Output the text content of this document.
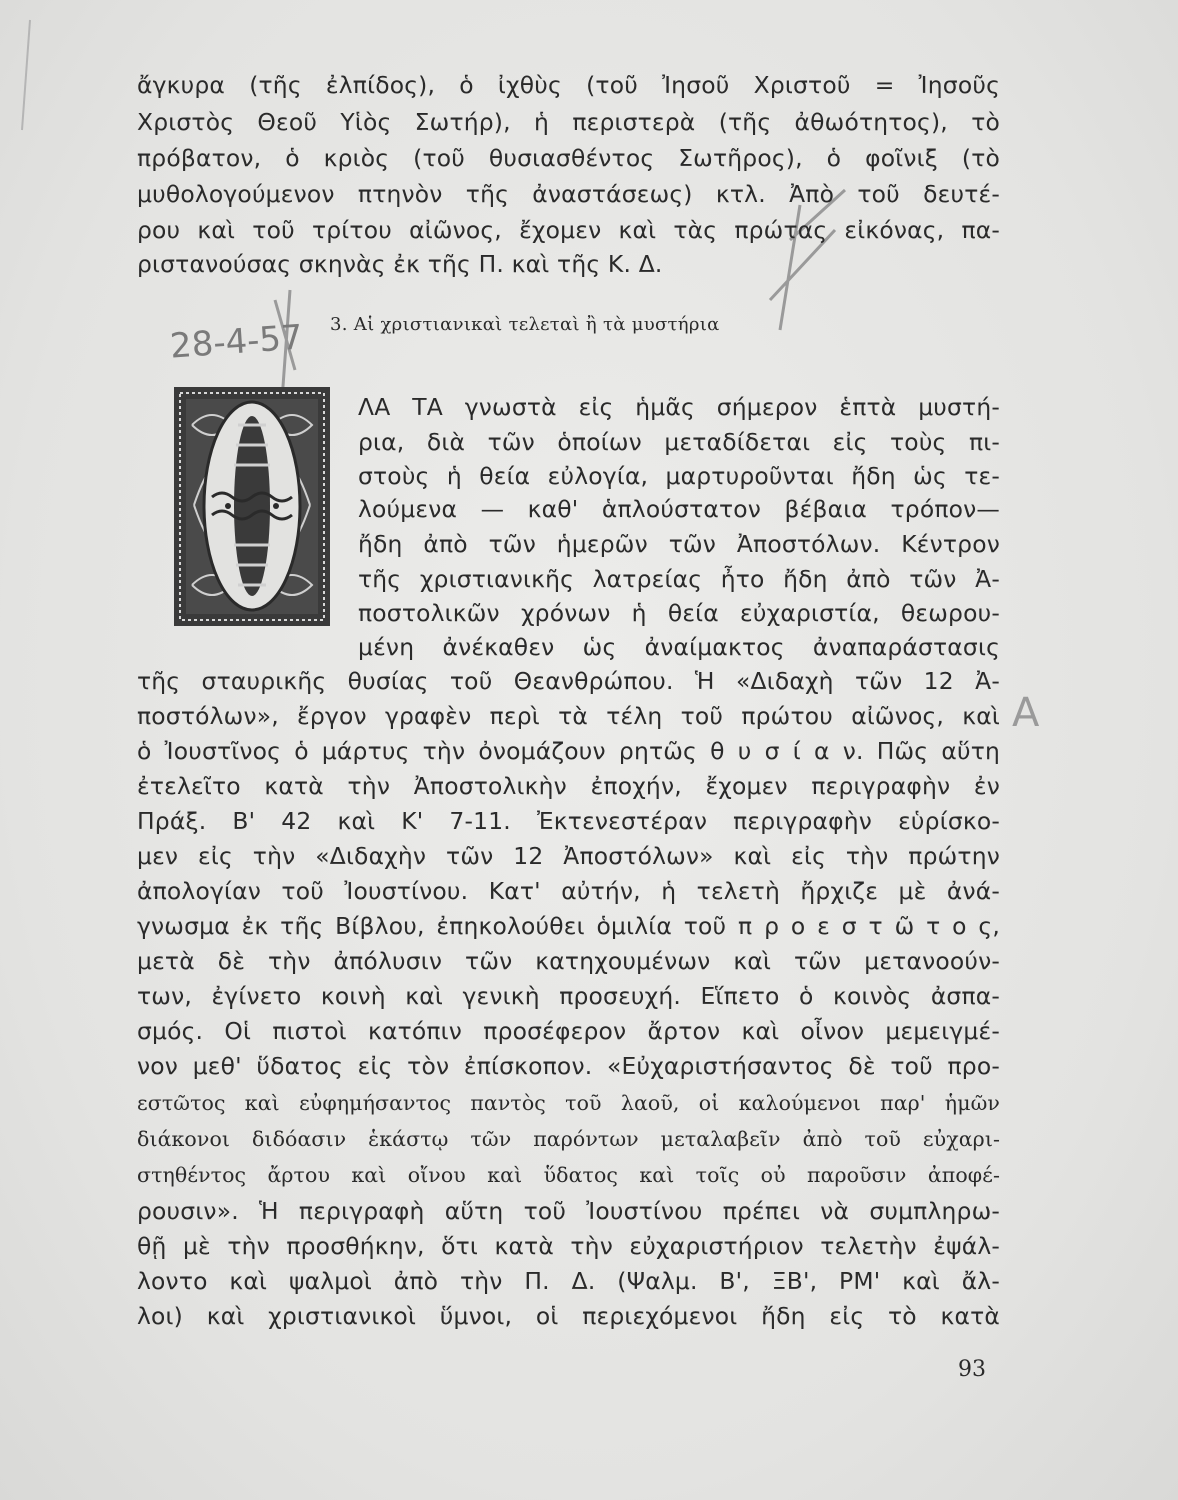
ἄγκυρα (τῆς ἐλπίδος), ὁ ἰχθὺς (τοῦ Ἰησοῦ Χριστοῦ = Ἰησοῦς
Χριστὸς Θεοῦ Υἱὸς Σωτήρ), ἡ περιστερὰ (τῆς ἀθωότητος), τὸ
πρόβατον, ὁ κριὸς (τοῦ θυσιασθέντος Σωτῆρος), ὁ φοῖνιξ (τὸ
μυθολογούμενον πτηνὸν τῆς ἀναστάσεως) κτλ. Ἀπὸ τοῦ δευτέ-
ρου καὶ τοῦ τρίτου αἰῶνος, ἔχομεν καὶ τὰς πρώτας εἰκόνας, πα-
ριστανούσας σκηνὰς ἐκ τῆς Π. καὶ τῆς Κ. Δ.
28-4-57 3. Αἱ χριστιανικαὶ τελεταὶ ἢ τὰ μυστήρια
ΛΑ ΤΑ γνωστὰ εἰς ἡμᾶς σήμερον ἑπτὰ μυστή-
ρια, διὰ τῶν ὁποίων μεταδίδεται εἰς τοὺς πι-
στοὺς ἡ θεία εὐλογία, μαρτυροῦνται ἤδη ὡς τε-
λούμενα — καθ' ἁπλούστατον βέβαια τρόπον—
ἤδη ἀπὸ τῶν ἡμερῶν τῶν Ἀποστόλων. Κέντρον
τῆς χριστιανικῆς λατρείας ἦτο ἤδη ἀπὸ τῶν Ἀ-
ποστολικῶν χρόνων ἡ θεία εὐχαριστία, θεωρου-
μένη ἀνέκαθεν ὡς ἀναίμακτος ἀναπαράστασις
τῆς σταυρικῆς θυσίας τοῦ Θεανθρώπου. Ἡ «Διδαχὴ τῶν 12 Ἀ-
ποστόλων», ἔργον γραφὲν περὶ τὰ τέλη τοῦ πρώτου αἰῶνος, καὶ
ὁ Ἰουστῖνος ὁ μάρτυς τὴν ὀνομάζουν ρητῶς θ υ σ ί α ν. Πῶς αὕτη
ἐτελεῖτο κατὰ τὴν Ἀποστολικὴν ἐποχήν, ἔχομεν περιγραφὴν ἐν
Πράξ. Β' 42 καὶ Κ' 7-11. Ἐκτενεστέραν περιγραφὴν εὑρίσκο-
μεν εἰς τὴν «Διδαχὴν τῶν 12 Ἀποστόλων» καὶ εἰς τὴν πρώτην
ἀπολογίαν τοῦ Ἰουστίνου. Κατ' αὐτήν, ἡ τελετὴ ἤρχιζε μὲ ἀνά-
γνωσμα ἐκ τῆς Βίβλου, ἐπηκολούθει ὁμιλία τοῦ π ρ ο ε σ τ ῶ τ ο ς,
μετὰ δὲ τὴν ἀπόλυσιν τῶν κατηχουμένων καὶ τῶν μετανοούν-
των, ἐγίνετο κοινὴ καὶ γενικὴ προσευχή. Εἵπετο ὁ κοινὸς ἀσπα-
σμός. Οἱ πιστοὶ κατόπιν προσέφερον ἄρτον καὶ οἶνον μεμειγμέ-
νον μεθ' ὕδατος εἰς τὸν ἐπίσκοπον. «Εὐχαριστήσαντος δὲ τοῦ προ-
εστῶτος καὶ εὐφημήσαντος παντὸς τοῦ λαοῦ, οἱ καλούμενοι παρ' ἡμῶν
διάκονοι διδόασιν ἑκάστῳ τῶν παρόντων μεταλαβεῖν ἀπὸ τοῦ εὐχαρι-
στηθέντος ἄρτου καὶ οἴνου καὶ ὕδατος καὶ τοῖς οὐ παροῦσιν ἀποφέ-
ρουσιν». Ἡ περιγραφὴ αὕτη τοῦ Ἰουστίνου πρέπει νὰ συμπληρω-
θῇ μὲ τὴν προσθήκην, ὅτι κατὰ τὴν εὐχαριστήριον τελετὴν ἐψάλ-
λοντο καὶ ψαλμοὶ ἀπὸ τὴν Π. Δ. (Ψαλμ. Β', ΞΒ', ΡΜ' καὶ ἄλ-
λοι) καὶ χριστιανικοὶ ὕμνοι, οἱ περιεχόμενοι ἤδη εἰς τὸ κατὰ
A
93
